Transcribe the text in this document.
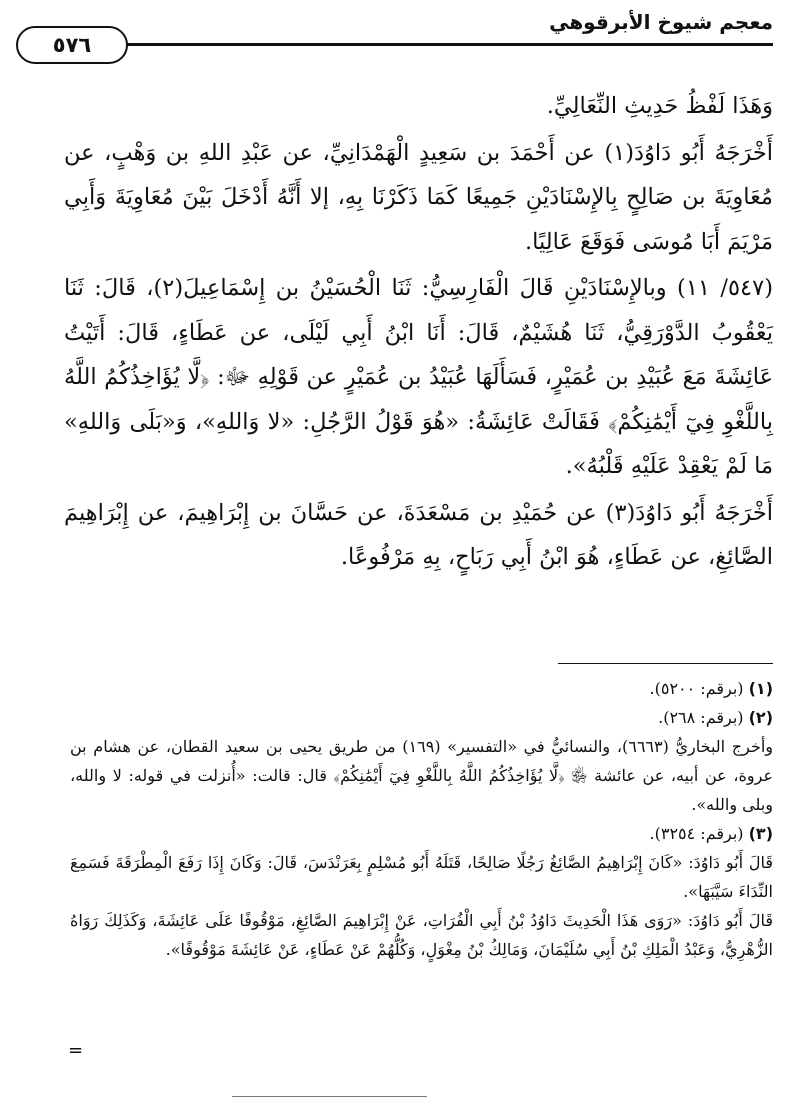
معجم شيوخ الأبرقوهي
٥٧٦

وَهَذَا لَفْظُ حَدِيثِ النِّعَالِيِّ.

أَخْرَجَهُ أَبُو دَاوُدَ(١) عن أَحْمَدَ بن سَعِيدٍ الْهَمْدَانِيِّ، عن عَبْدِ اللهِ بن وَهْبٍ، عن مُعَاوِيَةَ بن صَالِحٍ بِالإِسْنَادَيْنِ جَمِيعًا كَمَا ذَكَرْنَا بِهِ، إلا أَنَّهُ أَدْخَلَ بَيْنَ مُعَاوِيَةَ وَأَبِي مَرْيَمَ أَبَا مُوسَى فَوَقَعَ عَالِيًا.

(٥٤٧/ ١١) وبالإِسْنَادَيْنِ قَالَ الْفَارِسِيُّ: ثَنَا الْحُسَيْنُ بن إِسْمَاعِيلَ(٢)، قَالَ: ثَنَا يَعْقُوبُ الدَّوْرَقِيُّ، ثَنَا هُشَيْمٌ، قَالَ: أَنَا ابْنُ أَبِي لَيْلَى، عن عَطَاءٍ، قَالَ: أَتَيْتُ عَائِشَةَ مَعَ عُبَيْدِ بن عُمَيْرٍ، فَسَأَلَهَا عُبَيْدُ بن عُمَيْرٍ عن قَوْلِهِ ﷻ: ﴿لَّا يُؤَاخِذُكُمُ اللَّهُ بِاللَّغْوِ فِيٓ أَيْمَٰنِكُمْ﴾ فَقَالَتْ عَائِشَةُ: «هُوَ قَوْلُ الرَّجُلِ: «لا وَاللهِ»، وَ«بَلَى وَاللهِ» مَا لَمْ يَعْقِدْ عَلَيْهِ قَلْبُهُ».

أَخْرَجَهُ أَبُو دَاوُدَ(٣) عن حُمَيْدِ بن مَسْعَدَةَ، عن حَسَّانَ بن إِبْرَاهِيمَ، عن إِبْرَاهِيمَ الصَّائِغِ، عن عَطَاءٍ، هُوَ ابْنُ أَبِي رَبَاحٍ، بِهِ مَرْفُوعًا.

(١) (برقم: ٥٢٠٠).

(٢) (برقم: ٢٦٨).

وأخرج البخاريُّ (٦٦٦٣)، والنسائيُّ في «التفسير» (١٦٩) من طريق يحيى بن سعيد القطان، عن هشام بن عروة، عن أبيه، عن عائشة ﵂ ﴿لَّا يُؤَاخِذُكُمُ اللَّهُ بِاللَّغْوِ فِيٓ أَيْمَٰنِكُمْ﴾ قال: قالت: «أُنزلت في قوله: لا والله، وبلى والله».

(٣) (برقم: ٣٢٥٤).

قَالَ أَبُو دَاوُدَ: «كَانَ إِبْرَاهِيمُ الصَّائِغُ رَجُلًا صَالِحًا، قَتَلَهُ أَبُو مُسْلِمٍ بِعَرَنْدَسَ، قَالَ: وَكَانَ إِذَا رَفَعَ الْمِطْرَقَةَ فَسَمِعَ النِّدَاءَ سَيَّبَهَا».

قَالَ أَبُو دَاوُدَ: «رَوَى هَذَا الْحَدِيثَ دَاوُدُ بْنُ أَبِي الْفُرَاتِ، عَنْ إِبْرَاهِيمَ الصَّائِغِ، مَوْقُوفًا عَلَى عَائِشَةَ، وَكَذَلِكَ رَوَاهُ الزُّهْرِيُّ، وَعَبْدُ الْمَلِكِ بْنُ أَبِي سُلَيْمَانَ، وَمَالِكُ بْنُ مِغْوَلٍ، وَكُلُّهُمْ عَنْ عَطَاءٍ، عَنْ عَائِشَةَ مَوْقُوفًا».

=
